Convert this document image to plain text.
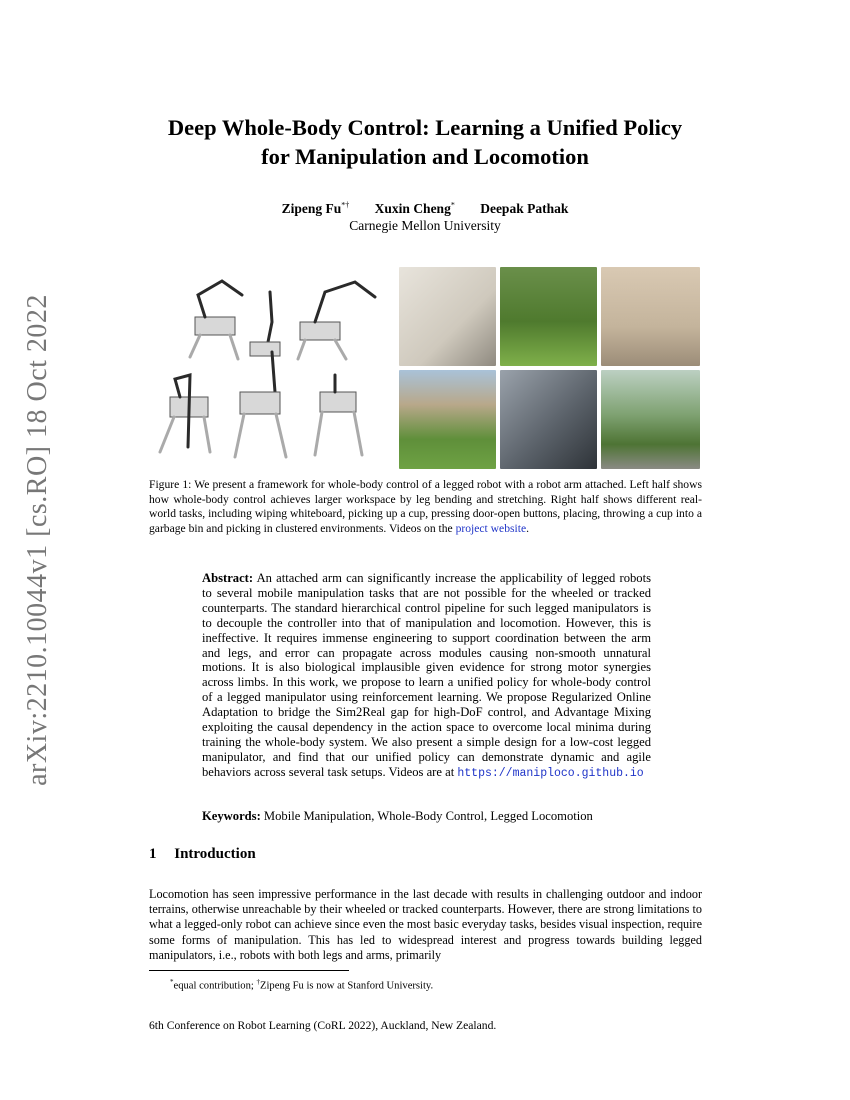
arXiv:2210.10044v1 [cs.RO] 18 Oct 2022
Deep Whole-Body Control: Learning a Unified Policy
for Manipulation and Locomotion
Zipeng Fu*† Xuxin Cheng* Deepak Pathak
Carnegie Mellon University
Figure 1: We present a framework for whole-body control of a legged robot with a robot arm attached. Left half shows how whole-body control achieves larger workspace by leg bending and stretching. Right half shows different real-world tasks, including wiping whiteboard, picking up a cup, pressing door-open buttons, placing, throwing a cup into a garbage bin and picking in clustered environments. Videos on the project website.
Abstract: An attached arm can significantly increase the applicability of legged robots to several mobile manipulation tasks that are not possible for the wheeled or tracked counterparts. The standard hierarchical control pipeline for such legged manipulators is to decouple the controller into that of manipulation and locomotion. However, this is ineffective. It requires immense engineering to support coordination between the arm and legs, and error can propagate across modules causing non-smooth unnatural motions. It is also biological implausible given evidence for strong motor synergies across limbs. In this work, we propose to learn a unified policy for whole-body control of a legged manipulator using reinforcement learning. We propose Regularized Online Adaptation to bridge the Sim2Real gap for high-DoF control, and Advantage Mixing exploiting the causal dependency in the action space to overcome local minima during training the whole-body system. We also present a simple design for a low-cost legged manipulator, and find that our unified policy can demonstrate dynamic and agile behaviors across several task setups. Videos are at https://maniploco.github.io
Keywords: Mobile Manipulation, Whole-Body Control, Legged Locomotion
1 Introduction
Locomotion has seen impressive performance in the last decade with results in challenging outdoor and indoor terrains, otherwise unreachable by their wheeled or tracked counterparts. However, there are strong limitations to what a legged-only robot can achieve since even the most basic everyday tasks, besides visual inspection, require some forms of manipulation. This has led to widespread interest and progress towards building legged manipulators, i.e., robots with both legs and arms, primarily
*equal contribution; †Zipeng Fu is now at Stanford University.
6th Conference on Robot Learning (CoRL 2022), Auckland, New Zealand.
